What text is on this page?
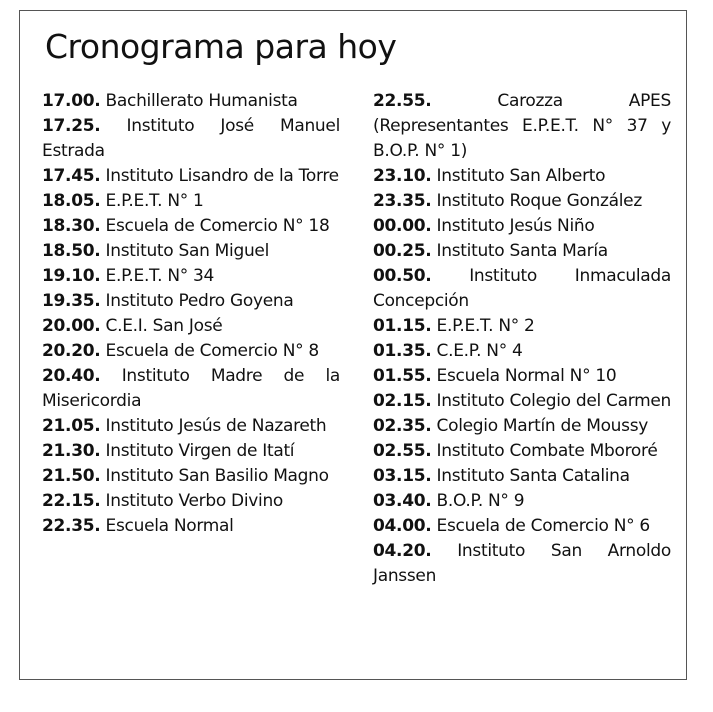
Cronograma para hoy

17.00. Bachillerato Humanista

17.25. Instituto José Manuel Estrada

17.45. Instituto Lisandro de la Torre

18.05. E.P.E.T. N° 1

18.30. Escuela de Comercio N° 18

18.50. Instituto San Miguel

19.10. E.P.E.T. N° 34

19.35. Instituto Pedro Goyena

20.00. C.E.I. San José

20.20. Escuela de Comercio N° 8

20.40. Instituto Madre de la Misericordia

21.05. Instituto Jesús de Nazareth

21.30. Instituto Virgen de Itatí

21.50. Instituto San Basilio Magno

22.15. Instituto Verbo Divino

22.35. Escuela Normal

22.55.	Carozza APES (Representantes E.P.E.T. N° 37 y B.O.P. N° 1)

23.10. Instituto San Alberto

23.35. Instituto Roque González

00.00. Instituto Jesús Niño

00.25. Instituto Santa María

00.50. Instituto Inmaculada Concepción

01.15. E.P.E.T. N° 2

01.35. C.E.P. N° 4

01.55. Escuela Normal N° 10

02.15. Instituto Colegio del Carmen

02.35. Colegio Martín de Moussy

02.55. Instituto Combate Mbororé

03.15. Instituto Santa Catalina

03.40. B.O.P. N° 9

04.00. Escuela de Comercio N° 6

04.20. Instituto San Arnoldo Janssen
